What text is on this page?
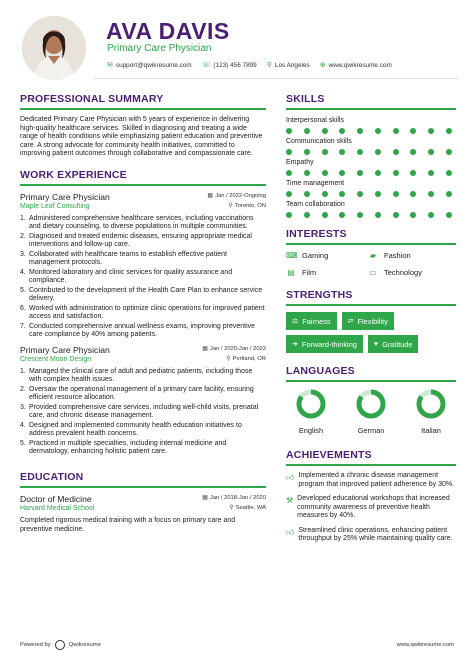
AVA DAVIS
Primary Care Physician
✉ support@qwikresume.com ☏ (123) 456 7899 ⚲ Los Angeles ⊕ www.qwikresume.com
PROFESSIONAL SUMMARY
Dedicated Primary Care Physician with 5 years of experience in delivering high-quality healthcare services. Skilled in diagnosing and treating a wide range of health conditions while emphasizing patient education and preventive care. A strong advocate for community health initiatives, committed to improving patient outcomes through collaborative and compassionate care.
WORK EXPERIENCE
Primary Care Physician	▦ Jan / 2022-Ongoing
Maple Leaf Consulting	⚲ Toronto, ON
1. Administered comprehensive healthcare services, including vaccinations and dietary counseling, to diverse populations in multiple communities.
2. Diagnosed and treated endemic diseases, ensuring appropriate medical interventions and follow-up care.
3. Collaborated with healthcare teams to establish effective patient management protocols.
4. Monitored laboratory and clinic services for quality assurance and compliance.
5. Contributed to the development of the Health Care Plan to enhance service delivery.
6. Worked with administration to optimize clinic operations for improved patient access and satisfaction.
7. Conducted comprehensive annual wellness exams, improving preventive care compliance by 40% among patients.
Primary Care Physician	▦ Jan / 2020-Jan / 2022
Crescent Moon Design	⚲ Portland, OR
1. Managed the clinical care of adult and pediatric patients, including those with complex health issues.
2. Oversaw the operational management of a primary care facility, ensuring efficient resource allocation.
3. Provided comprehensive care services, including well-child visits, prenatal care, and chronic disease management.
4. Designed and implemented community health education initiatives to address prevalent health concerns.
5. Practiced in multiple specialties, including internal medicine and dermatology, enhancing holistic patient care.
EDUCATION
Doctor of Medicine	▦ Jan / 2018-Jan / 2020
Harvard Medical School	⚲ Seattle, WA
Completed rigorous medical training with a focus on primary care and preventive medicine.
SKILLS
Interpersonal skills
Communication skills
Empathy
Time management
Team collaboration
INTERESTS
⌨ Gaming	▰ Fashion
▤ Film	▭ Technology
STRENGTHS
⚖ Fairness ⇄ Flexibility
➜ Forward-thinking ♥ Gratitude
LANGUAGES
English	German	Italian
ACHIEVEMENTS
👍︎ Implemented a chronic disease management program that improved patient adherence by 30%.
⚒ Developed educational workshops that increased community awareness of preventive health measures by 40%.
👍︎ Streamlined clinic operations, enhancing patient throughput by 25% while maintaining quality care.
Powered by	Qwikresume	www.qwikresume.com
